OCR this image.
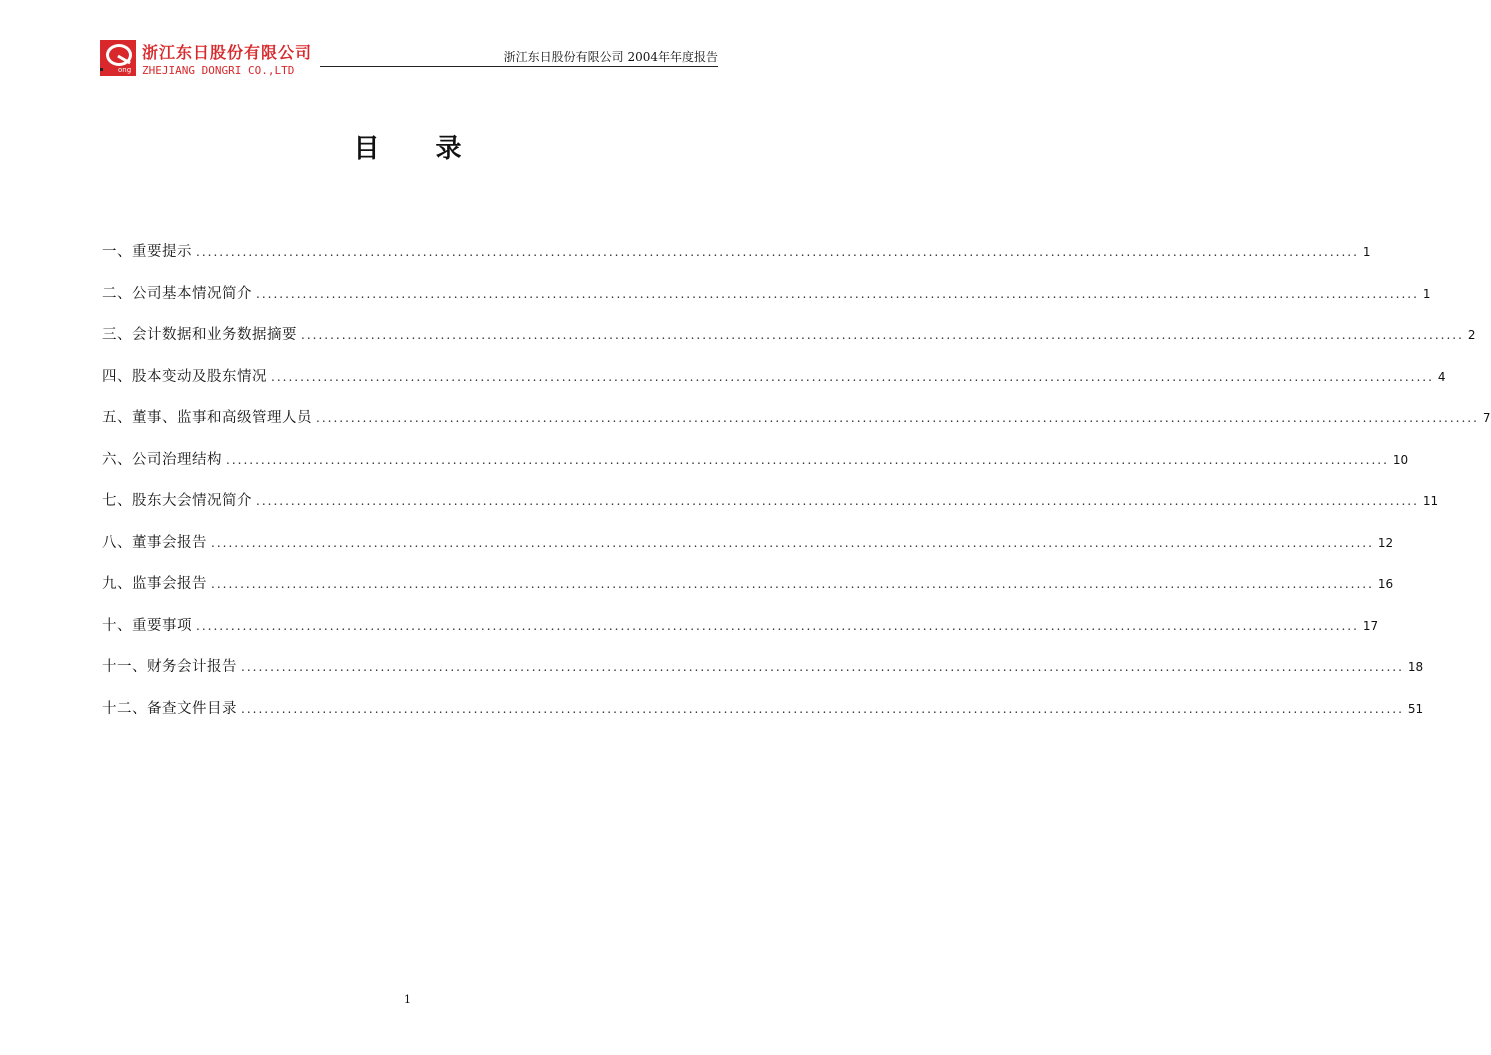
ong
浙江东日股份有限公司
ZHEJIANG DONGRI CO.,LTD
浙江东日股份有限公司 2004年年度报告
目录
一、重要提示 ........................................................................................................................................................................................................ 1
二、公司基本情况简介 ........................................................................................................................................................................................................ 1
三、会计数据和业务数据摘要 ........................................................................................................................................................................................................ 2
四、股本变动及股东情况 ........................................................................................................................................................................................................ 4
五、董事、监事和高级管理人员 ........................................................................................................................................................................................................ 7
六、公司治理结构 ........................................................................................................................................................................................................ 10
七、股东大会情况简介 ........................................................................................................................................................................................................ 11
八、董事会报告 ........................................................................................................................................................................................................ 12
九、监事会报告 ........................................................................................................................................................................................................ 16
十、重要事项 ........................................................................................................................................................................................................ 17
十一、财务会计报告 ........................................................................................................................................................................................................ 18
十二、备查文件目录 ........................................................................................................................................................................................................ 51
1
